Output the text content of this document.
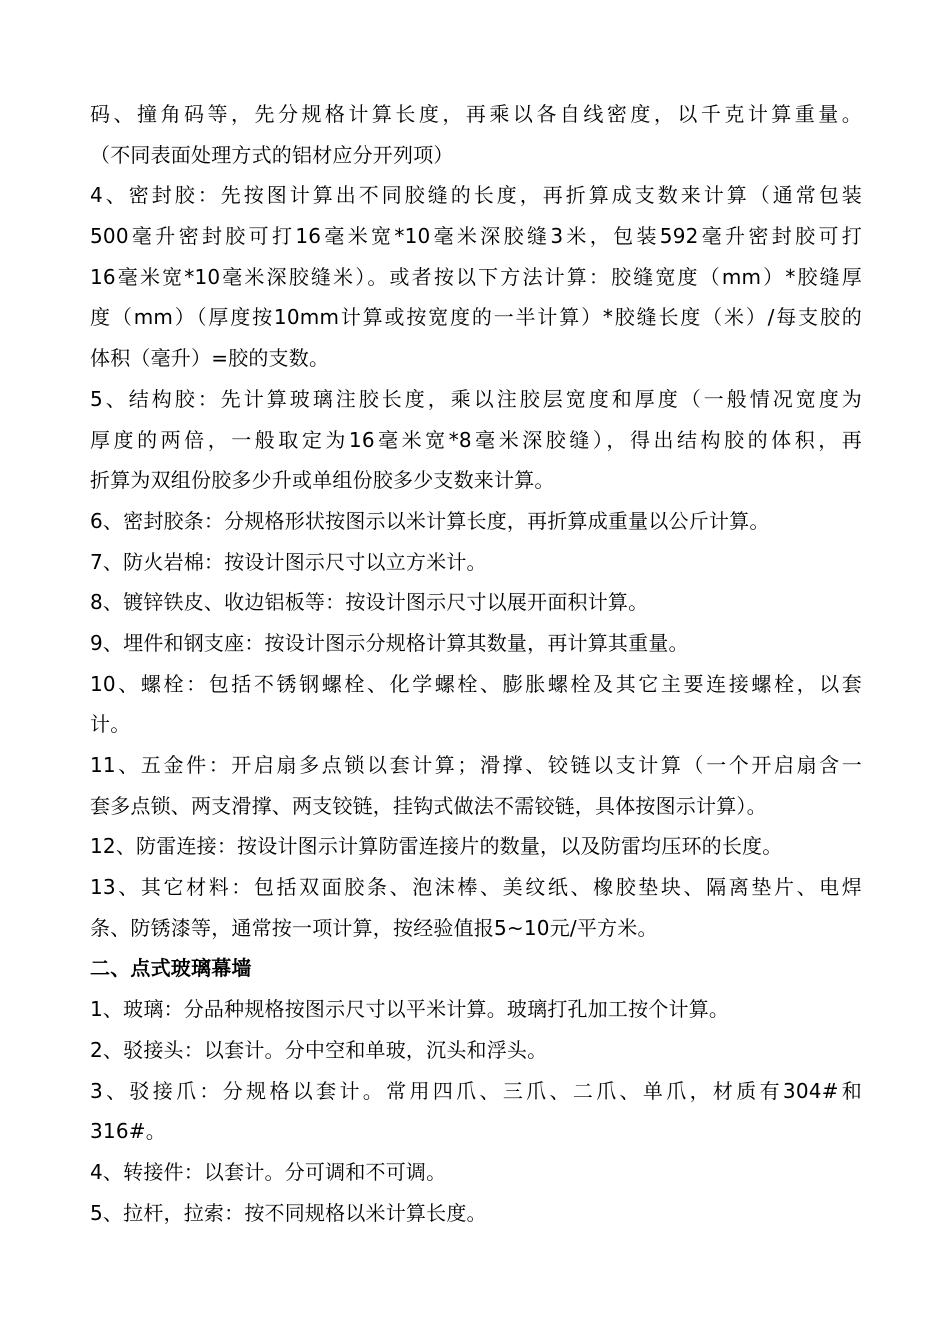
码、撞角码等，先分规格计算长度，再乘以各自线密度，以千克计算重量。
（不同表面处理方式的铝材应分开列项）
4、密封胶：先按图计算出不同胶缝的长度，再折算成支数来计算（通常包装
500毫升密封胶可打16毫米宽*10毫米深胶缝3米，包装592毫升密封胶可打
16毫米宽*10毫米深胶缝米）。或者按以下方法计算：胶缝宽度（mm）*胶缝厚
度（mm）（厚度按10mm计算或按宽度的一半计算）*胶缝长度（米）/每支胶的
体积（毫升）=胶的支数。
5、结构胶：先计算玻璃注胶长度，乘以注胶层宽度和厚度（一般情况宽度为
厚度的两倍，一般取定为16毫米宽*8毫米深胶缝），得出结构胶的体积，再
折算为双组份胶多少升或单组份胶多少支数来计算。
6、密封胶条：分规格形状按图示以米计算长度，再折算成重量以公斤计算。
7、防火岩棉：按设计图示尺寸以立方米计。
8、镀锌铁皮、收边铝板等：按设计图示尺寸以展开面积计算。
9、埋件和钢支座：按设计图示分规格计算其数量，再计算其重量。
10、螺栓：包括不锈钢螺栓、化学螺栓、膨胀螺栓及其它主要连接螺栓，以套
计。
11、五金件：开启扇多点锁以套计算；滑撑、铰链以支计算（一个开启扇含一
套多点锁、两支滑撑、两支铰链，挂钩式做法不需铰链，具体按图示计算）。
12、防雷连接：按设计图示计算防雷连接片的数量，以及防雷均压环的长度。
13、其它材料：包括双面胶条、泡沫棒、美纹纸、橡胶垫块、隔离垫片、电焊
条、防锈漆等，通常按一项计算，按经验值报5~10元/平方米。
二、点式玻璃幕墙
1、玻璃：分品种规格按图示尺寸以平米计算。玻璃打孔加工按个计算。
2、驳接头：以套计。分中空和单玻，沉头和浮头。
3、驳接爪：分规格以套计。常用四爪、三爪、二爪、单爪，材质有304#和
316#。
4、转接件：以套计。分可调和不可调。
5、拉杆，拉索：按不同规格以米计算长度。
